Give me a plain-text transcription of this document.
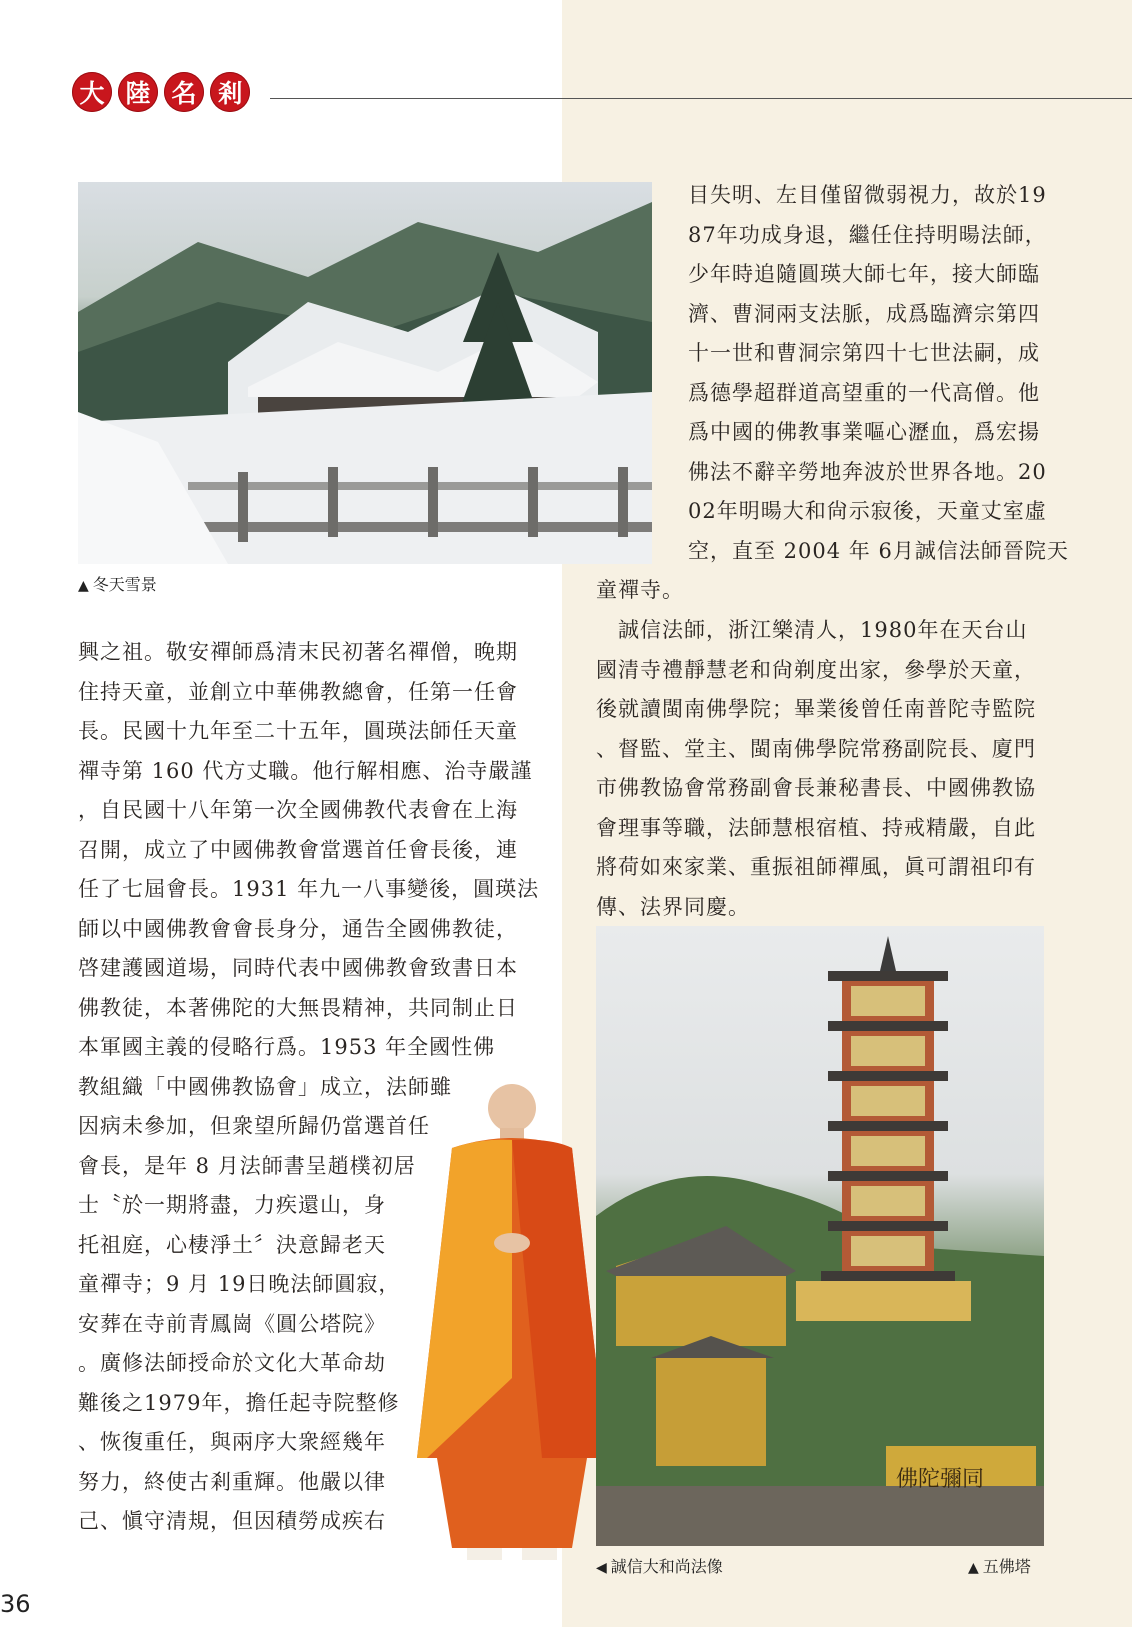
大 陸 名 剎
▲ 冬天雪景
興之祖。敬安禪師爲清末民初著名禪僧，晚期
住持天童，並創立中華佛教總會，任第一任會
長。民國十九年至二十五年，圓瑛法師任天童
禪寺第 160 代方丈職。他行解相應、治寺嚴謹
，自民國十八年第一次全國佛教代表會在上海
召開，成立了中國佛教會當選首任會長後，連
任了七屆會長。1931 年九一八事變後，圓瑛法
師以中國佛教會會長身分，通告全國佛教徒，
啓建護國道場，同時代表中國佛教會致書日本
佛教徒，本著佛陀的大無畏精神，共同制止日
本軍國主義的侵略行爲。1953 年全國性佛
教組織「中國佛教協會」成立，法師雖
因病未參加，但衆望所歸仍當選首任
會長，是年 8 月法師書呈趙樸初居
士〝於一期將盡，力疾還山，身
托祖庭，心棲淨土〞決意歸老天
童禪寺；9 月 19日晚法師圓寂，
安葬在寺前青鳳崗《圓公塔院》
。廣修法師授命於文化大革命劫
難後之1979年，擔任起寺院整修
、恢復重任，與兩序大衆經幾年
努力，終使古剎重輝。他嚴以律
己、愼守清規，但因積勞成疾右
目失明、左目僅留微弱視力，故於19
87年功成身退，繼任住持明暘法師，
少年時追隨圓瑛大師七年，接大師臨
濟、曹洞兩支法脈，成爲臨濟宗第四
十一世和曹洞宗第四十七世法嗣，成
爲德學超群道高望重的一代高僧。他
爲中國的佛教事業嘔心瀝血，爲宏揚
佛法不辭辛勞地奔波於世界各地。20
02年明暘大和尙示寂後，天童丈室虛
空，直至 2004 年 6月誠信法師晉院天
童禪寺。
　誠信法師，浙江樂清人，1980年在天台山
國清寺禮靜慧老和尙剃度出家，參學於天童，
後就讀閩南佛學院；畢業後曾任南普陀寺監院
、督監、堂主、閩南佛學院常務副院長、廈門
市佛教協會常務副會長兼秘書長、中國佛教協
會理事等職，法師慧根宿植、持戒精嚴，自此
將荷如來家業、重振祖師禪風，眞可謂祖印有
傳、法界同慶。
佛陀彌同
◀ 誠信大和尚法像	▲ 五佛塔
36
